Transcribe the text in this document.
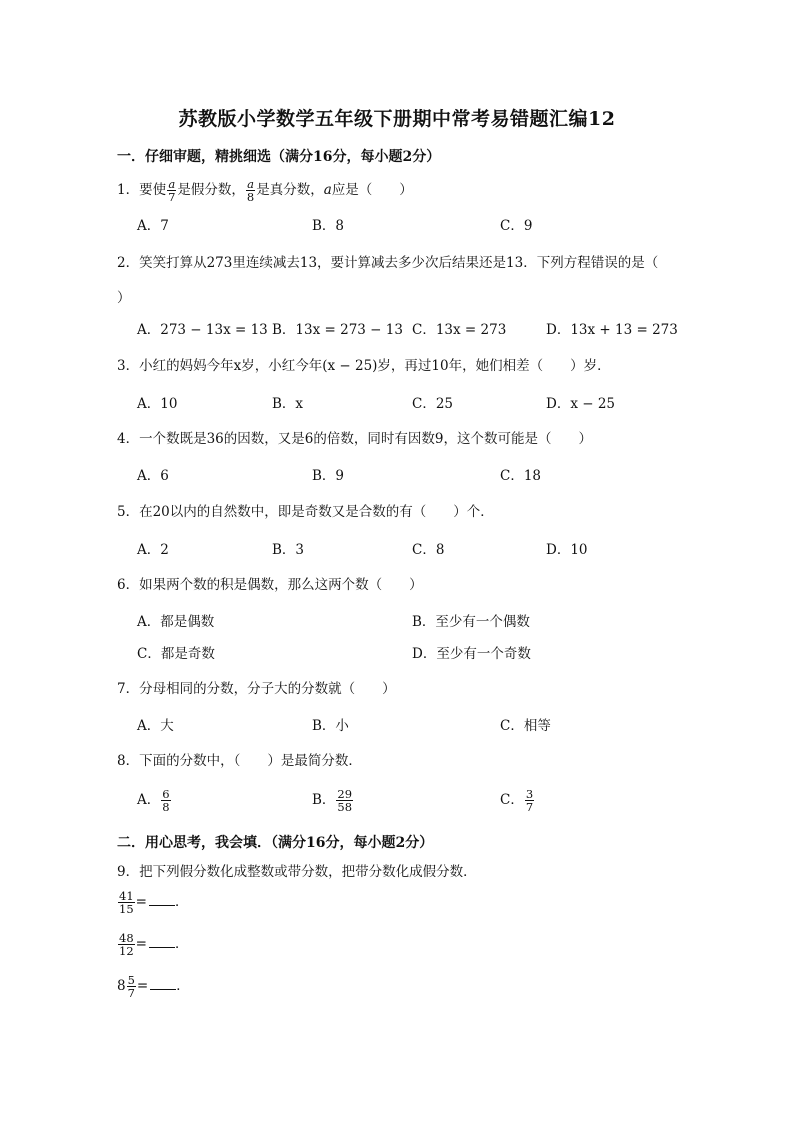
苏教版小学数学五年级下册期中常考易错题汇编12
一．仔细审题，精挑细选（满分16分，每小题2分）
1．要使 $\frac{a}{7}$ 是假分数， $\frac{a}{8}$ 是真分数，a应是（　　）
A．7	B．8	C．9
2．笑笑打算从273里连续减去13，要计算减去多少次后结果还是13．下列方程错误的是（
）
A．273 − 13x = 13 B．13x = 273 − 13 C．13x = 273	D．13x + 13 = 273
3．小红的妈妈今年x岁，小红今年(x − 25)岁，再过10年，她们相差（　　）岁．
A．10	B．x	C．25	D．x − 25
4．一个数既是36的因数，又是6的倍数，同时有因数9，这个数可能是（　　）
A．6	B．9	C．18
5．在20以内的自然数中，即是奇数又是合数的有（　　）个．
A．2	B．3	C．8	D．10
6．如果两个数的积是偶数，那么这两个数（　　）
A．都是偶数	B．至少有一个偶数
C．都是奇数	D．至少有一个奇数
7．分母相同的分数，分子大的分数就（　　）
A．大	B．小	C．相等
8．下面的分数中，（　　）是最简分数．
A． $\frac{6}{8}$	B． $\frac{29}{58}$	C． $\frac{3}{7}$
二．用心思考，我会填．（满分16分，每小题2分）
9．把下列假分数化成整数或带分数，把带分数化成假分数．
$\frac{41}{15}$ = ．
$\frac{48}{12}$ = ．
$8 \frac{5}{7}$ = ．
